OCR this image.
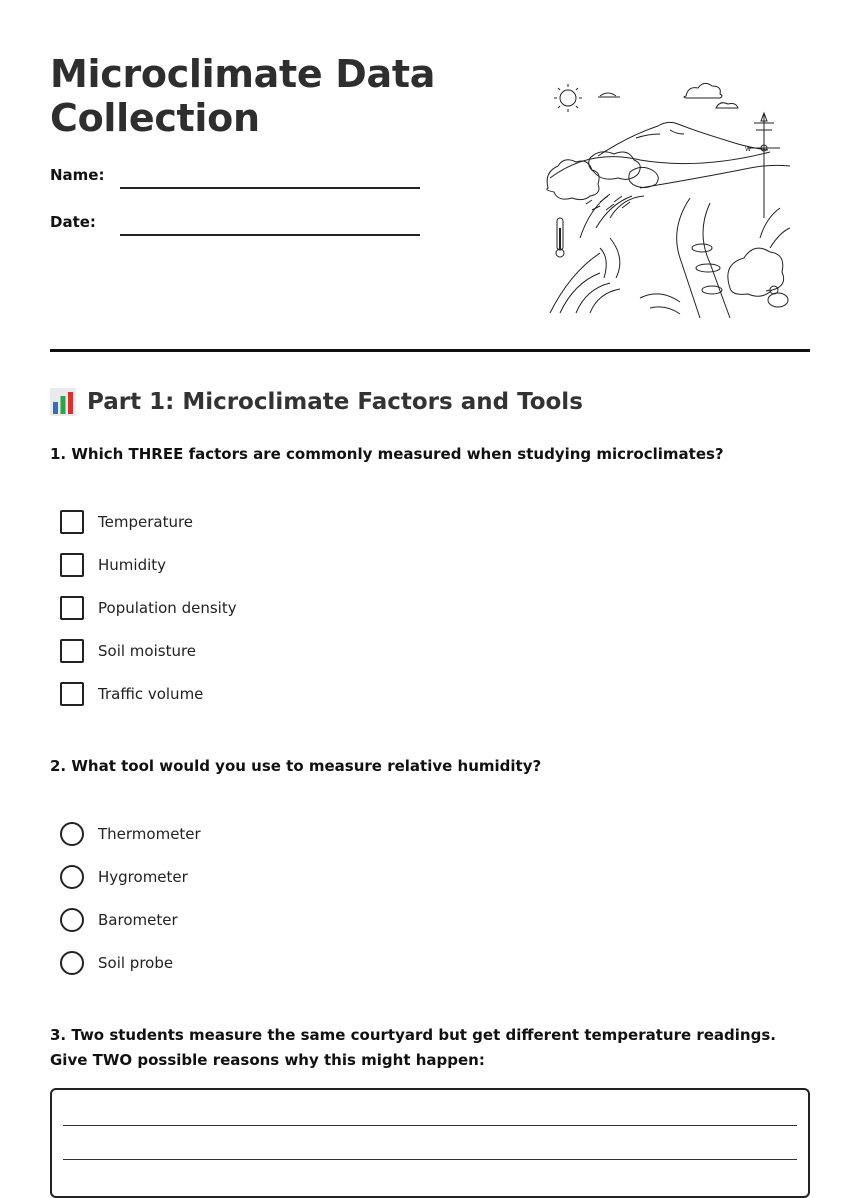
Microclimate Data Collection
Name:
Date:
W
Part 1: Microclimate Factors and Tools

1. Which THREE factors are commonly measured when studying microclimates?

Temperature
Humidity
Population density
Soil moisture
Traffic volume

2. What tool would you use to measure relative humidity?

Thermometer
Hygrometer
Barometer
Soil probe

3. Two students measure the same courtyard but get different temperature readings. Give TWO possible reasons why this might happen:
